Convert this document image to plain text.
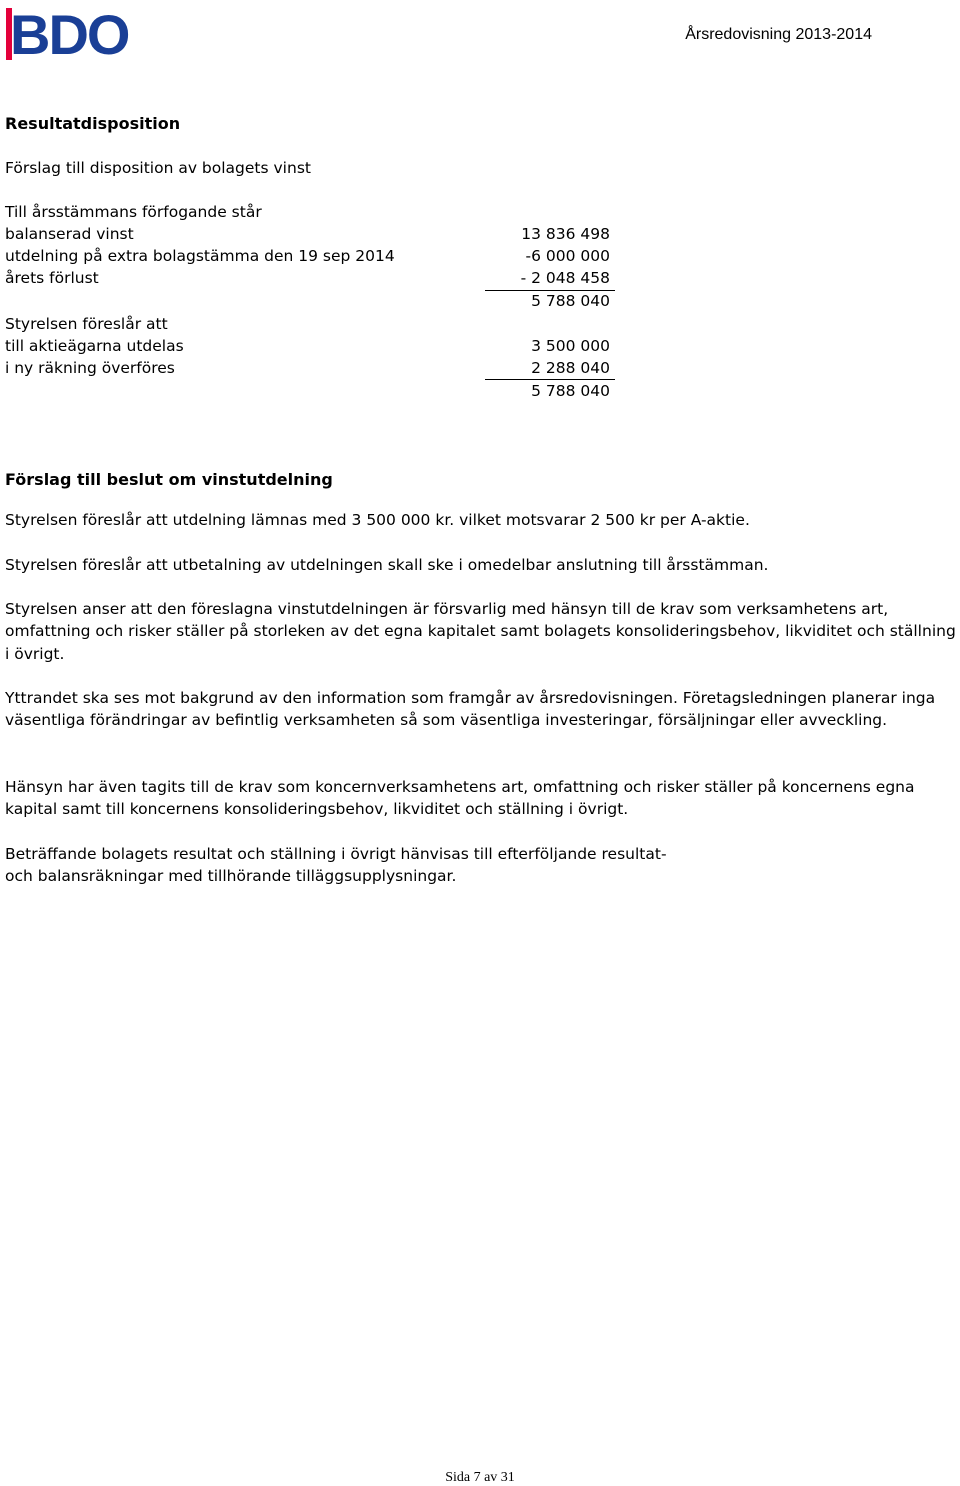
BDO	Årsredovisning 2013-2014
Resultatdisposition
Förslag till disposition av bolagets vinst
Till årsstämmans förfogande står
balanserad vinst	13 836 498
utdelning på extra bolagstämma den 19 sep 2014	-6 000 000
årets förlust	- 2 048 458
5 788 040
Styrelsen föreslår att
till aktieägarna utdelas	3 500 000
i ny räkning överföres	2 288 040
5 788 040
Förslag till beslut om vinstutdelning
Styrelsen föreslår att utdelning lämnas med 3 500 000 kr. vilket motsvarar 2 500 kr per A-aktie.
Styrelsen föreslår att utbetalning av utdelningen skall ske i omedelbar anslutning till årsstämman.
Styrelsen anser att den föreslagna vinstutdelningen är försvarlig med hänsyn till de krav som verksamhetens art, omfattning och risker ställer på storleken av det egna kapitalet samt bolagets konsolideringsbehov, likviditet och ställning i övrigt.
Yttrandet ska ses mot bakgrund av den information som framgår av årsredovisningen. Företagsledningen planerar inga väsentliga förändringar av befintlig verksamheten så som väsentliga investeringar, försäljningar eller avveckling.
Hänsyn har även tagits till de krav som koncernverksamhetens art, omfattning och risker ställer på koncernens egna kapital samt till koncernens konsolideringsbehov, likviditet och ställning i övrigt.
Beträffande bolagets resultat och ställning i övrigt hänvisas till efterföljande resultat- och balansräkningar med tillhörande tilläggsupplysningar.
Sida 7 av 31
